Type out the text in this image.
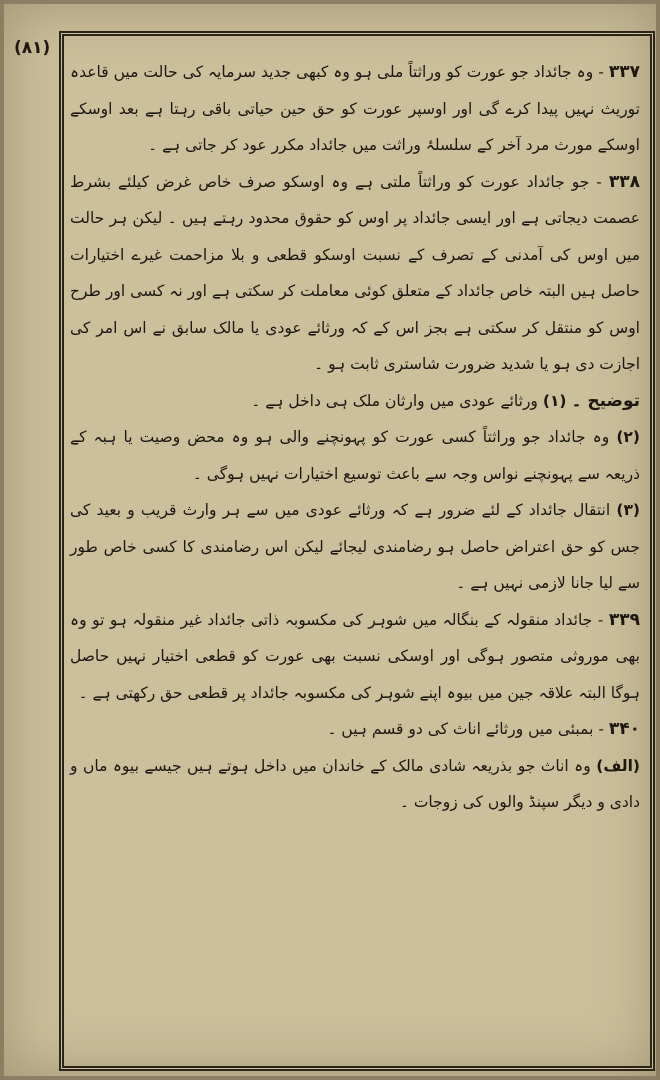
(۸۱)

۳۳۷ - وہ جائداد جو عورت کو وراثتاً ملی ہو وہ کبھی جدید سرمایہ کی حالت میں قاعدہ توریث نہیں پیدا کرے گی اور اوسپر عورت کو حق حین حیاتی باقی رہتا ہے بعد اوسکے اوسکے مورث مرد آخر کے سلسلۂ وراثت میں جائداد مکرر عود کر جاتی ہے ۔

۳۳۸ - جو جائداد عورت کو وراثتاً ملتی ہے وہ اوسکو صرف خاص غرض کیلئے بشرط عصمت دیجاتی ہے اور ایسی جائداد پر اوس کو حقوق محدود رہتے ہیں ۔ لیکن ہر حالت میں اوس کی آمدنی کے تصرف کے نسبت اوسکو قطعی و بلا مزاحمت غیرے اختیارات حاصل ہیں البتہ خاص جائداد کے متعلق کوئی معاملت کر سکتی ہے اور نہ کسی اور طرح اوس کو منتقل کر سکتی ہے بجز اس کے کہ ورثائے عودی یا مالک سابق نے اس امر کی اجازت دی ہو یا شدید ضرورت شاستری ثابت ہو ۔

توضیح ۔ (۱) ورثائے عودی میں وارثان ملک ہی داخل ہے ۔

(۲) وہ جائداد جو وراثتاً کسی عورت کو پہونچنے والی ہو وہ محض وصیت یا ہبہ کے ذریعہ سے پہونچنے نواس وجہ سے باعث توسیع اختیارات نہیں ہوگی ۔

(۳) انتقال جائداد کے لئے ضرور ہے کہ ورثائے عودی میں سے ہر وارث قریب و بعید کی جس کو حق اعتراض حاصل ہو رضامندی لیجائے لیکن اس رضامندی کا کسی خاص طور سے لیا جانا لازمی نہیں ہے ۔

۳۳۹ - جائداد منقولہ کے بنگالہ میں شوہر کی مکسوبہ ذاتی جائداد غیر منقولہ ہو تو وہ بھی موروثی متصور ہوگی اور اوسکی نسبت بھی عورت کو قطعی اختیار نہیں حاصل ہوگا البتہ علاقہ جین میں بیوہ اپنے شوہر کی مکسوبہ جائداد پر قطعی حق رکھتی ہے ۔

۳۴۰ - بمبئی میں ورثائے اناث کی دو قسم ہیں ۔

(الف) وہ اناث جو بذریعہ شادی مالک کے خاندان میں داخل ہوتے ہیں جیسے بیوہ ماں و دادی و دیگر سپنڈ والوں کی زوجات ۔
